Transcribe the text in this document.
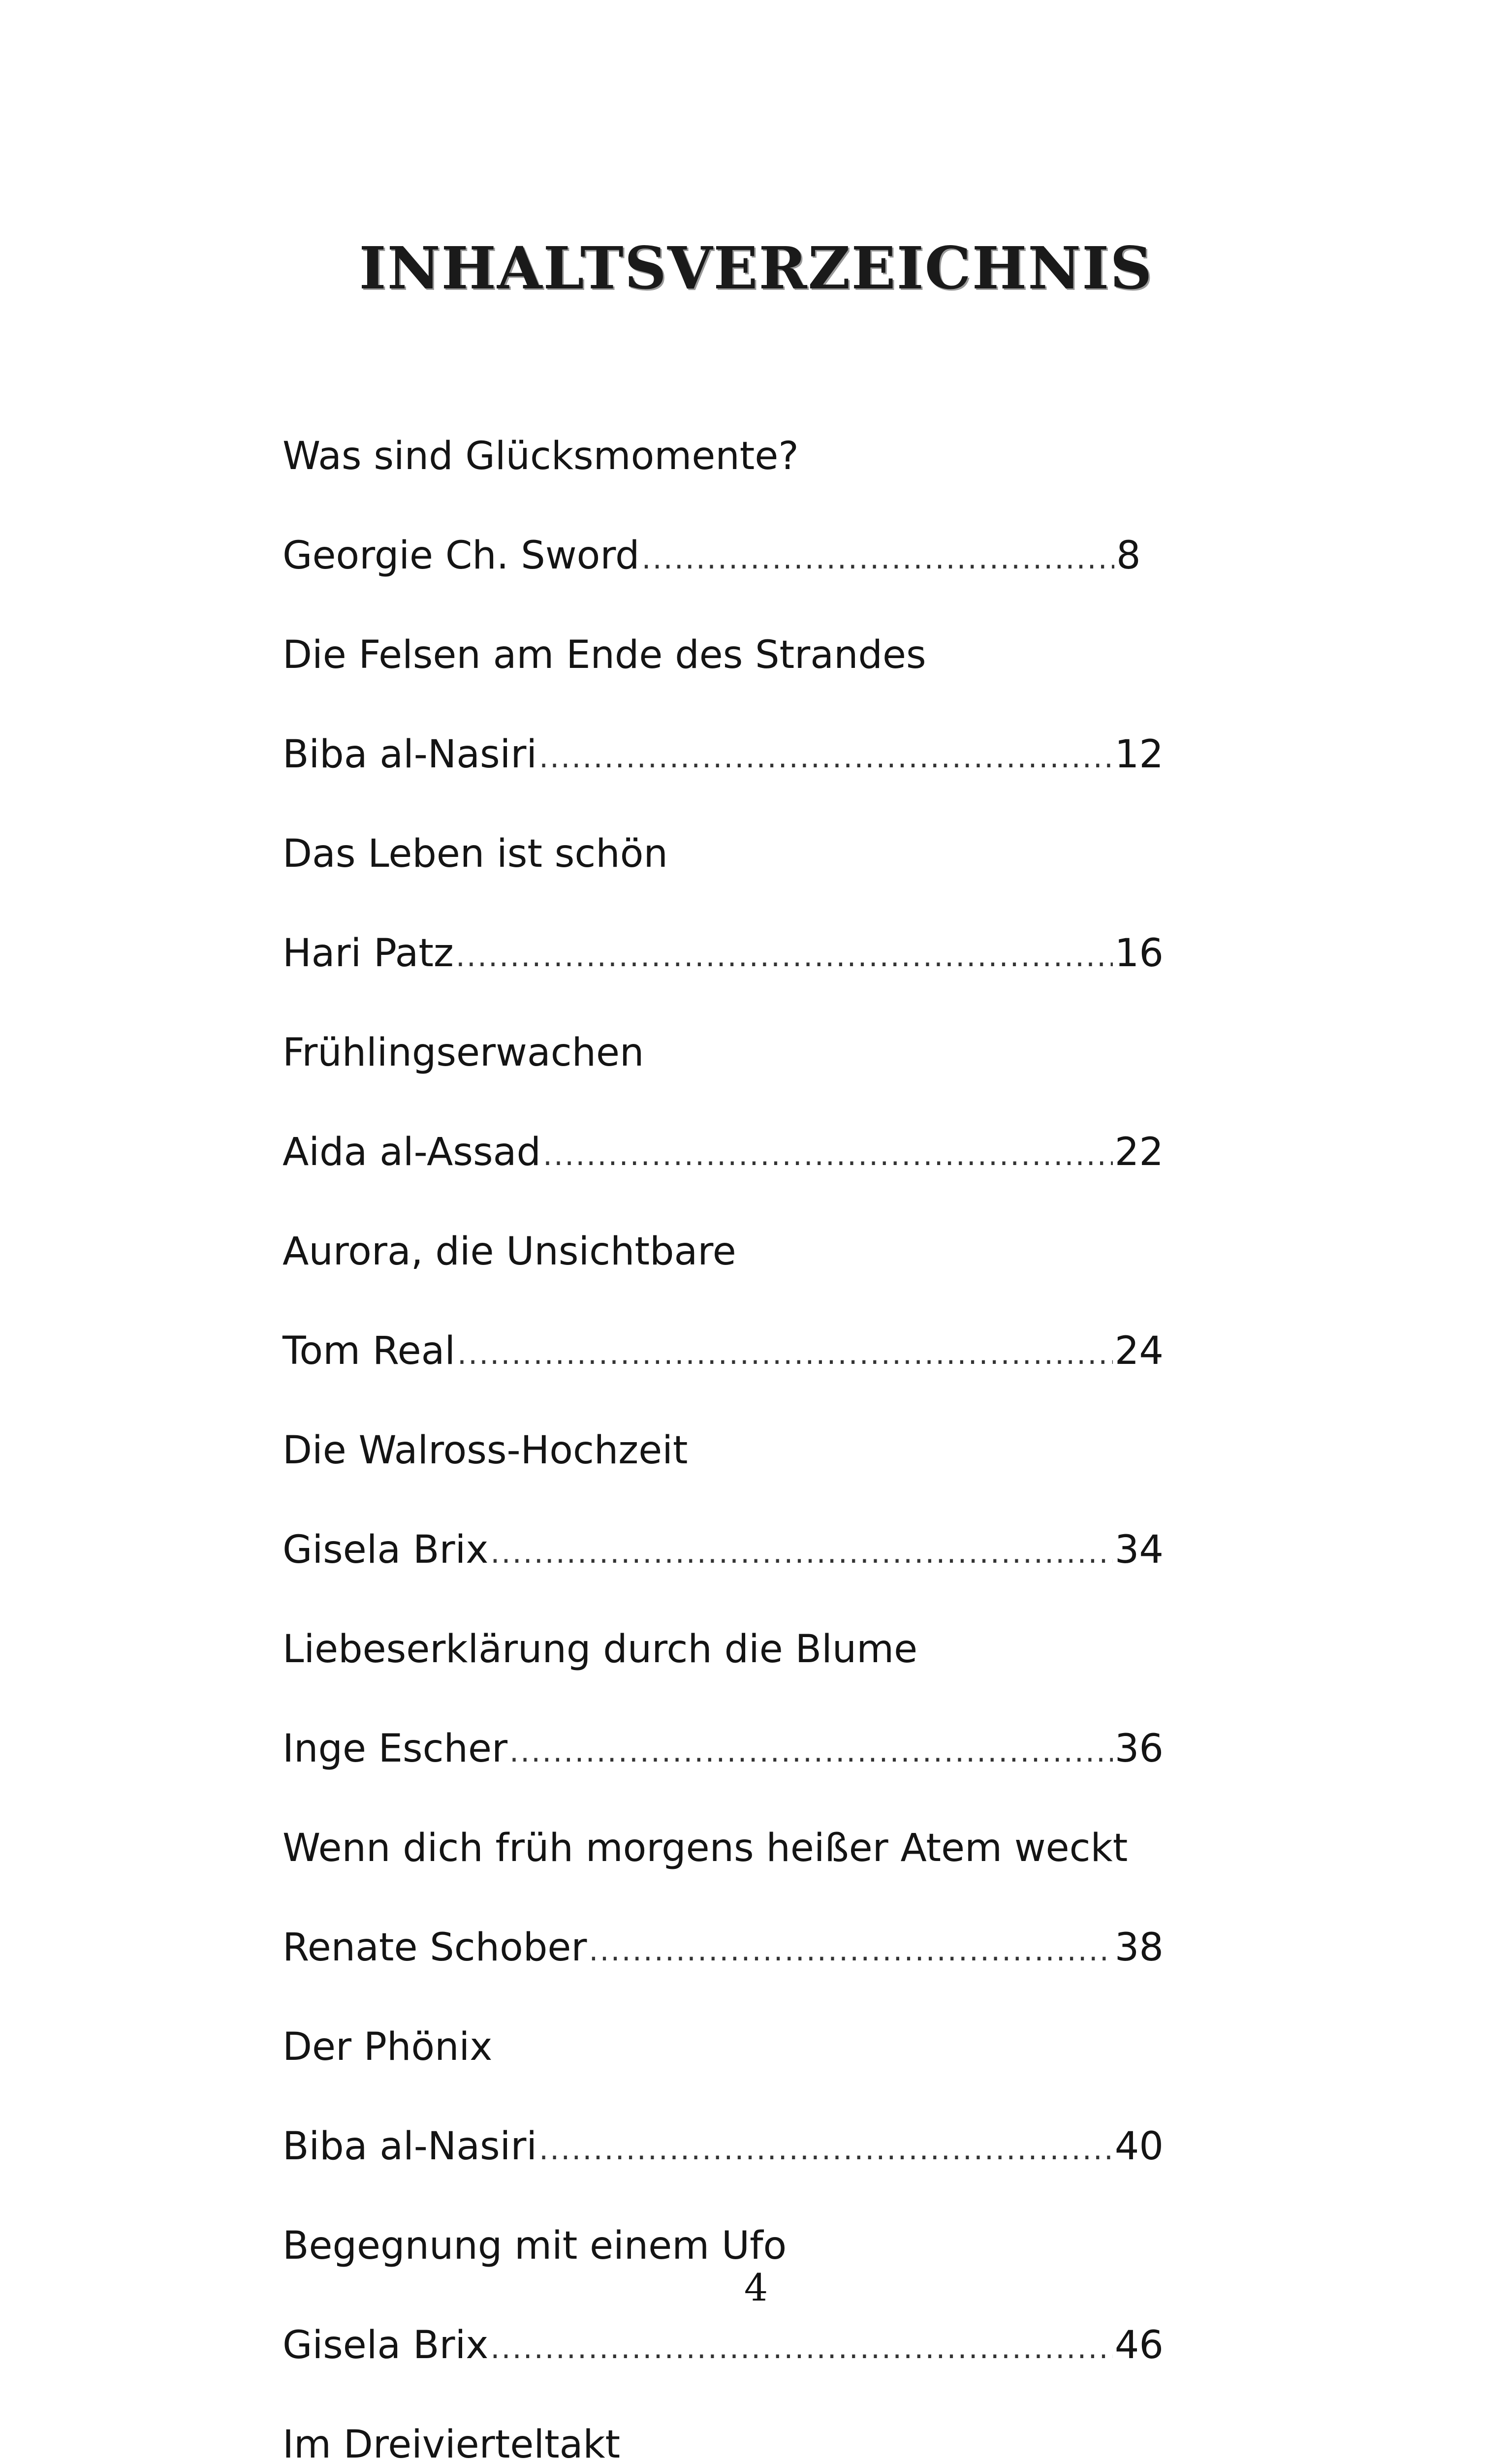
INHALTSVERZEICHNIS
Was sind Glücksmomente?
Georgie Ch. Sword .....	8
Die Felsen am Ende des Strandes
Biba al-Nasiri .....	12
Das Leben ist schön
Hari Patz .....	16
Frühlingserwachen
Aida al-Assad .....	22
Aurora, die Unsichtbare
Tom Real .....	24
Die Walross-Hochzeit
Gisela Brix .....	34
Liebeserklärung durch die Blume
Inge Escher .....	36
Wenn dich früh morgens heißer Atem weckt
Renate Schober .....	38
Der Phönix
Biba al-Nasiri .....	40
Begegnung mit einem Ufo
Gisela Brix .....	46
Im Dreivierteltakt
4
